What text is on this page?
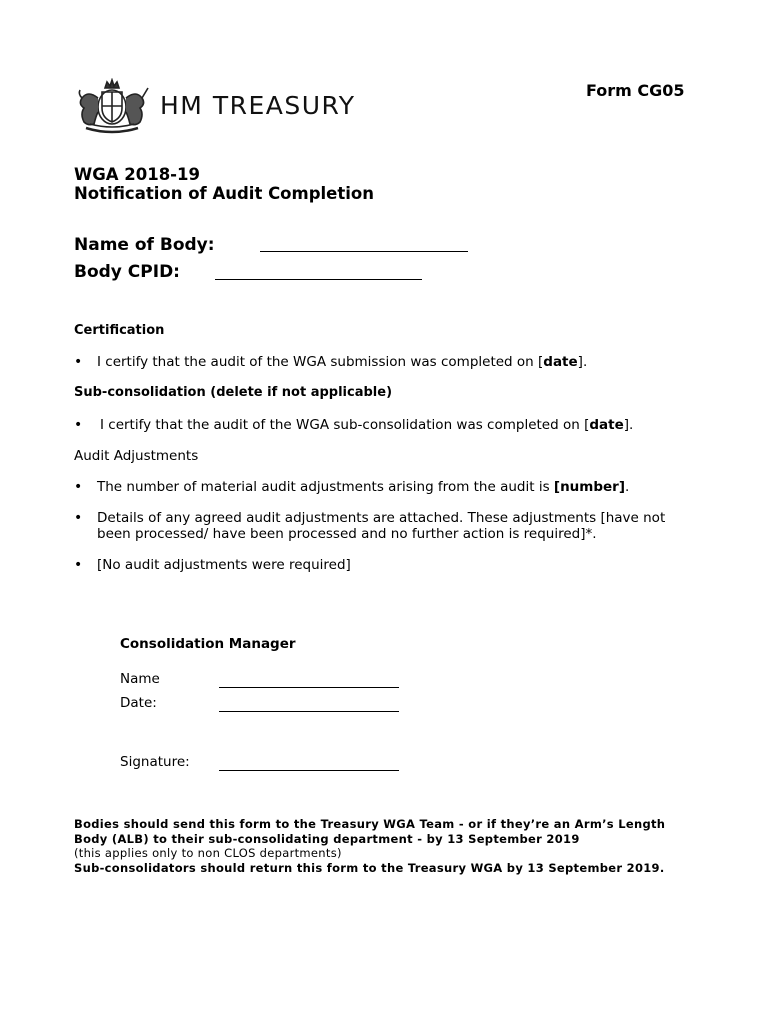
HM TREASURY
Form CG05
WGA 2018-19
Notification of Audit Completion
Name of Body:
Body CPID:
Certification
• I certify that the audit of the WGA submission was completed on [date].
Sub-consolidation (delete if not applicable)
• I certify that the audit of the WGA sub-consolidation was completed on [date].
Audit Adjustments
• The number of material audit adjustments arising from the audit is [number].
• Details of any agreed audit adjustments are attached. These adjustments [have not been processed/ have been processed and no further action is required]*.
• [No audit adjustments were required]
Consolidation Manager
Name
Date:
Signature:
Bodies should send this form to the Treasury WGA Team - or if they’re an Arm’s Length Body (ALB) to their sub-consolidating department - by 13 September 2019
(this applies only to non CLOS departments)
Sub-consolidators should return this form to the Treasury WGA by 13 September 2019.
